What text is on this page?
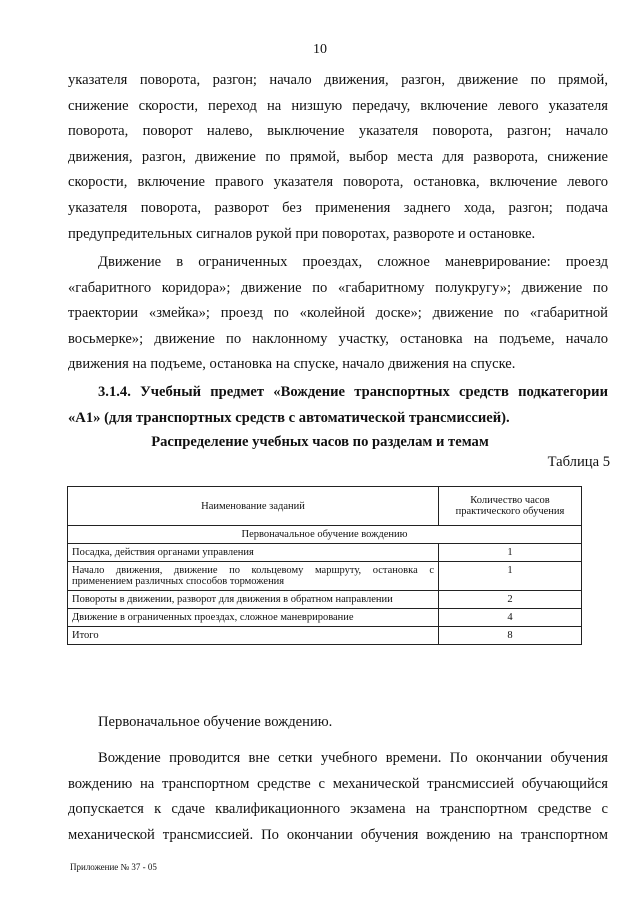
10

указателя поворота, разгон; начало движения, разгон, движение по прямой,
снижение скорости, переход на низшую передачу, включение левого указателя
поворота, поворот налево, выключение указателя поворота, разгон; начало
движения, разгон, движение по прямой, выбор места для разворота, снижение
скорости, включение правого указателя поворота, остановка, включение левого
указателя поворота, разворот без применения заднего хода, разгон; подача
предупредительных сигналов рукой при поворотах, развороте и остановке.

Движение в ограниченных проездах, сложное маневрирование: проезд
«габаритного коридора»; движение по «габаритному полукругу»; движение по
траектории «змейка»; проезд по «колейной доске»; движение по «габаритной
восьмерке»; движение по наклонному участку, остановка на подъеме, начало
движения на подъеме, остановка на спуске, начало движения на спуске.

3.1.4. Учебный предмет «Вождение транспортных средств подкатегории
«А1» (для транспортных средств с автоматической трансмиссией).

Распределение учебных часов по разделам и темам
Таблица 5
Наименование заданий	Количество часов
практического обучения
Первоначальное обучение вождению	
Посадка, действия органами управления	1
Начало движения, движение по кольцевому маршруту, остановка с применением различных способов торможения	1
Повороты в движении, разворот для движения в обратном направлении	2
Движение в ограниченных проездах, сложное маневрирование	4
Итого	8
Первоначальное обучение вождению.

Вождение проводится вне сетки учебного времени. По окончании обучения
вождению на транспортном средстве с механической трансмиссией обучающийся
допускается к сдаче квалификационного экзамена на транспортном средстве с
механической трансмиссией. По окончании обучения вождению на транспортном

Приложение № 37 - 05
